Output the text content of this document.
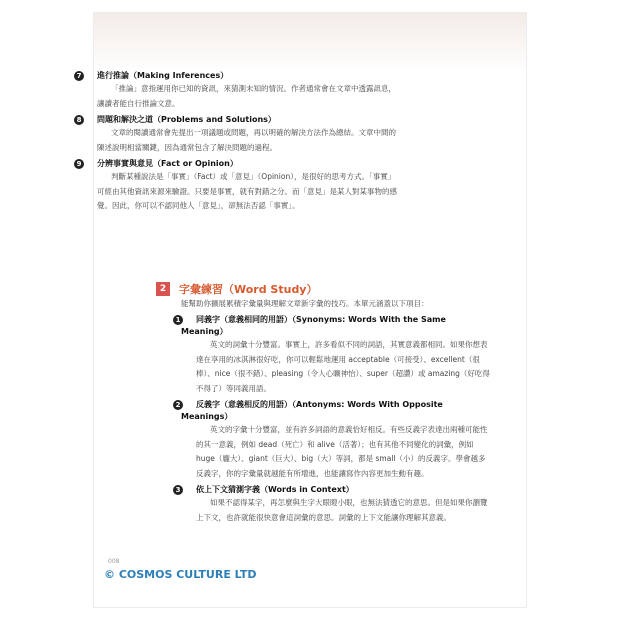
7	進行推論（Making Inferences）
「推論」意指運用你已知的資訊，來猜測未知的情況。作者通常會在文章中透露訊息，讓讀者能自行推論文意。
8	問題和解決之道（Problems and Solutions）
文章的閱讀通常會先提出一項議題或問題，再以明確的解決方法作為總結。文章中間的陳述說明相當關鍵，因為通常包含了解決問題的過程。
9	分辨事實與意見（Fact or Opinion）
判斷某種說法是「事實」（Fact）或「意見」（Opinion），是很好的思考方式。「事實」可經由其他資訊來源來驗證。只要是事實，就有對錯之分。而「意見」是某人對某事物的感覺。因此，你可以不認同他人「意見」，卻無法否認「事實」。
2	字彙練習（Word Study）
能幫助你擴展累積字彙量與理解文章新字彙的技巧。本單元涵蓋以下項目：
1	同義字（意義相同的用語）（Synonyms: Words With the Same Meaning）
英文的詞彙十分豐富。事實上，許多看似不同的詞語，其實意義都相同。如果你想表達在享用的冰淇淋很好吃，你可以輕鬆地運用 acceptable（可接受）、excellent（很棒）、nice（很不錯）、pleasing（令人心曠神怡）、super（超讚）或 amazing（好吃得不得了）等同義用語。
2	反義字（意義相反的用語）（Antonyms: Words With Opposite Meanings）
英文的字彙十分豐富，並有許多詞語的意義恰好相反。有些反義字表達出兩種可能性的其一意義，例如 dead（死亡）和 alive（活著）；也有其他不同變化的詞彙，例如 huge（龐大）、giant（巨大）、big（大）等詞，都是 small（小）的反義字。學會越多反義字，你的字彙量就越能有所增進，也能讓寫作內容更加生動有趣。
3	依上下文猜測字義（Words in Context）
如果不認得某字，再怎麼與生字大眼瞪小眼，也無法猜透它的意思。但是如果你瀏覽上下文，也許就能很快意會這詞彙的意思。詞彙的上下文能讓你理解其意義。
008
© COSMOS CULTURE LTD
